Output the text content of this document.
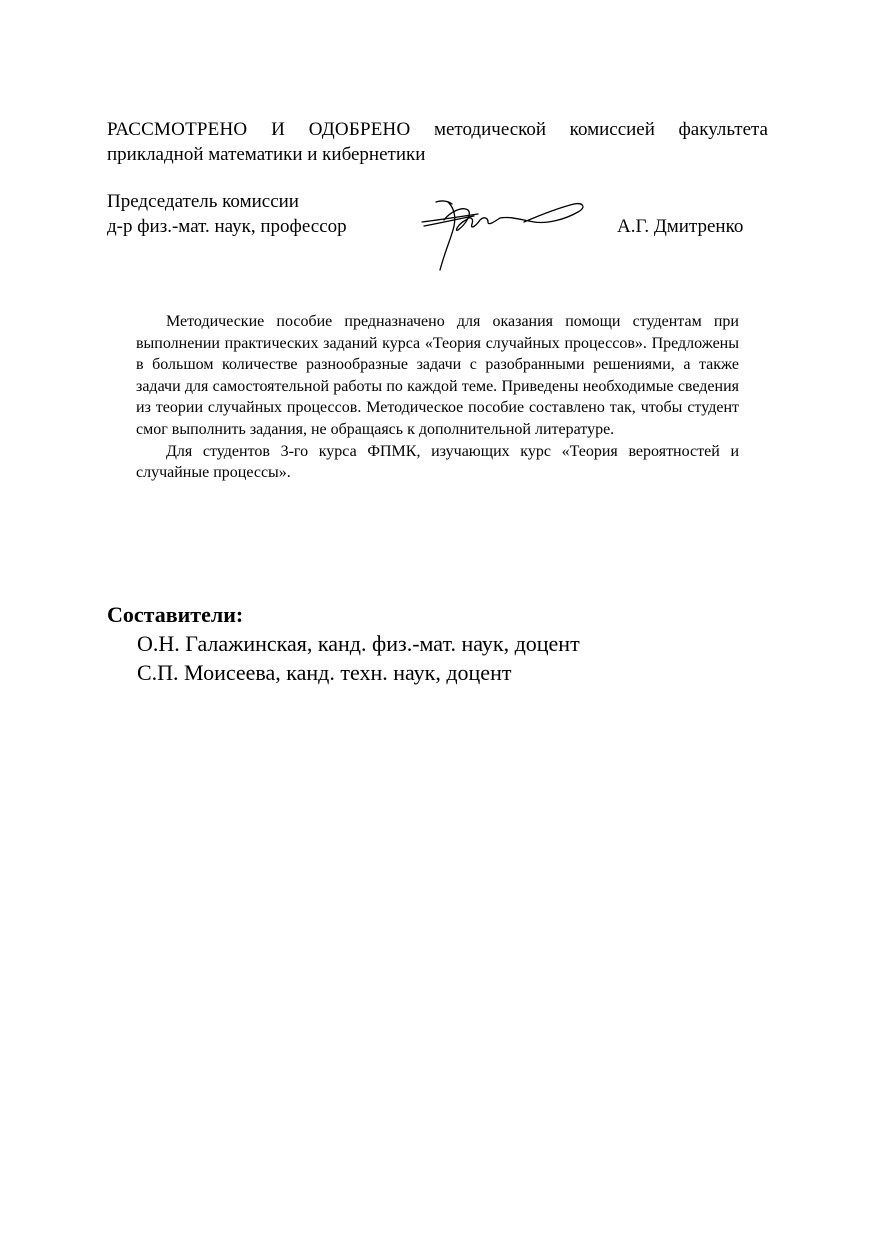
РАССМОТРЕНО И ОДОБРЕНО методической комиссией факультета прикладной математики и кибернетики
Председатель комиссии
д-р физ.-мат. наук, профессор	А.Г. Дмитренко

Методические пособие предназначено для оказания помощи студентам при выполнении практических заданий курса «Теория случайных процессов». Предложены в большом количестве разнообразные задачи с разобранными решениями, а также задачи для самостоятельной работы по каждой теме. Приведены необходимые сведения из теории случайных процессов. Методическое пособие составлено так, чтобы студент смог выполнить задания, не обращаясь к дополнительной литературе.

Для студентов 3-го курса ФПМК, изучающих курс «Теория вероятностей и случайные процессы».

Составители:

О.Н. Галажинская, канд. физ.-мат. наук, доцент

С.П. Моисеева, канд. техн. наук, доцент
